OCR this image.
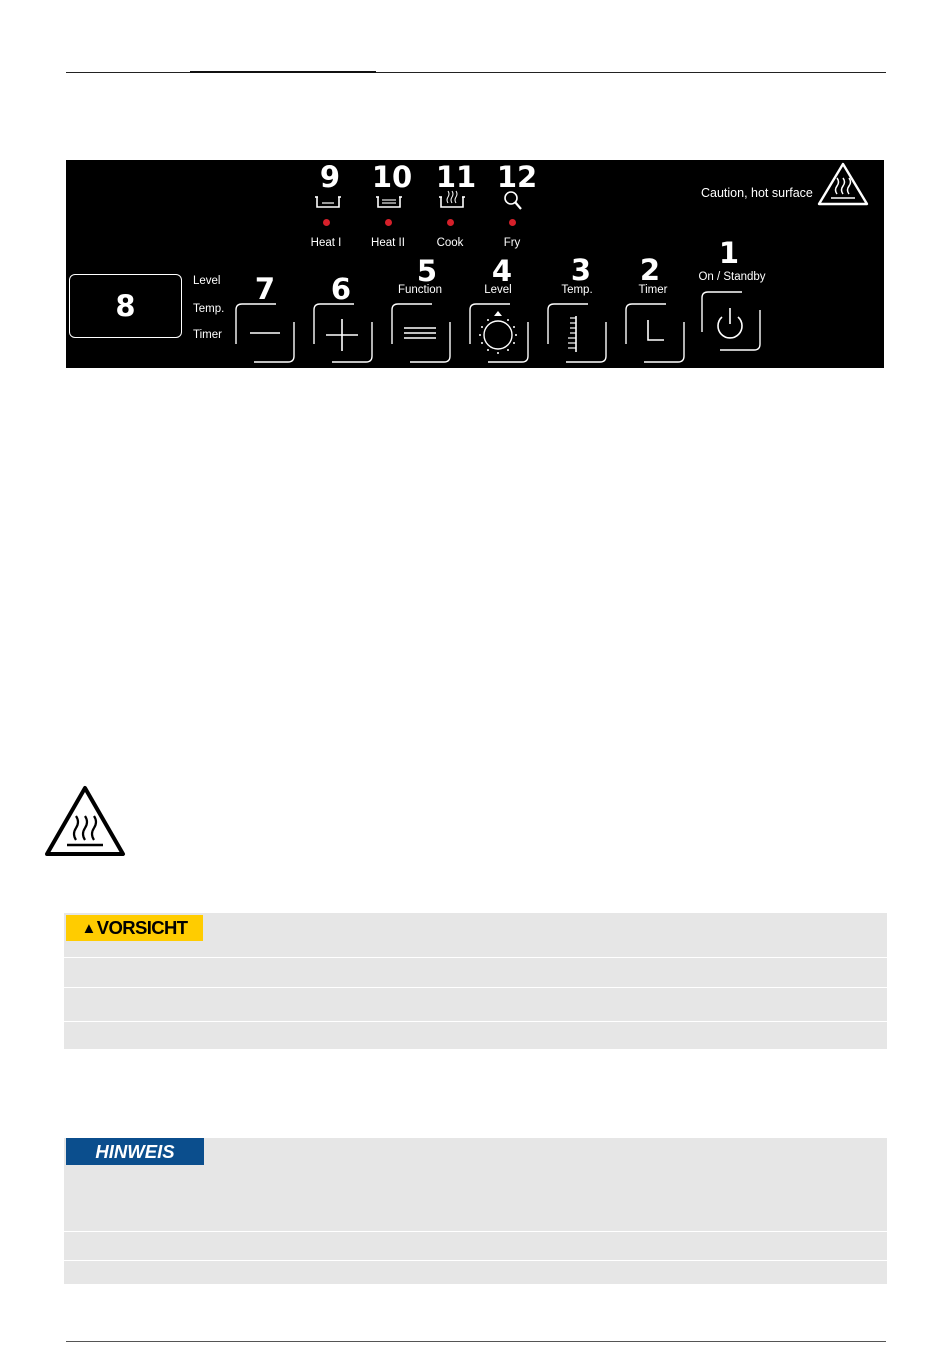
9	10 11 12
Heat I	Heat II	Cook	Fry
Caution, hot surface
8
Level
Temp.
Timer
7	6
5	4	3	2	1
Function	Level	Temp.	Timer
On / Standby
▲ VORSICHT
HINWEIS
